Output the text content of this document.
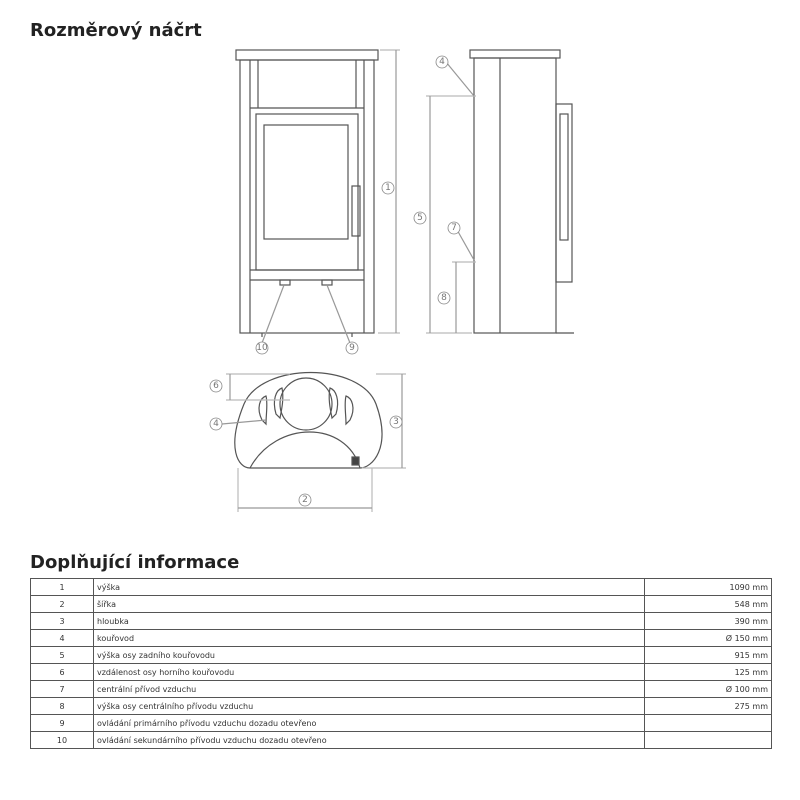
Rozměrový náčrt
1
10	9
4
5
7
8
6
4	3
2
Doplňující informace
1	výška	1090 mm
2	šířka	548 mm
3	hloubka	390 mm
4	kouřovod	Ø 150 mm
5	výška osy zadního kouřovodu	915 mm
6	vzdálenost osy horního kouřovodu	125 mm
7	centrální přívod vzduchu	Ø 100 mm
8	výška osy centrálního přívodu vzduchu	275 mm
9	ovládání primárního přívodu vzduchu dozadu otevřeno	
10	ovládání sekundárního přívodu vzduchu dozadu otevřeno	
